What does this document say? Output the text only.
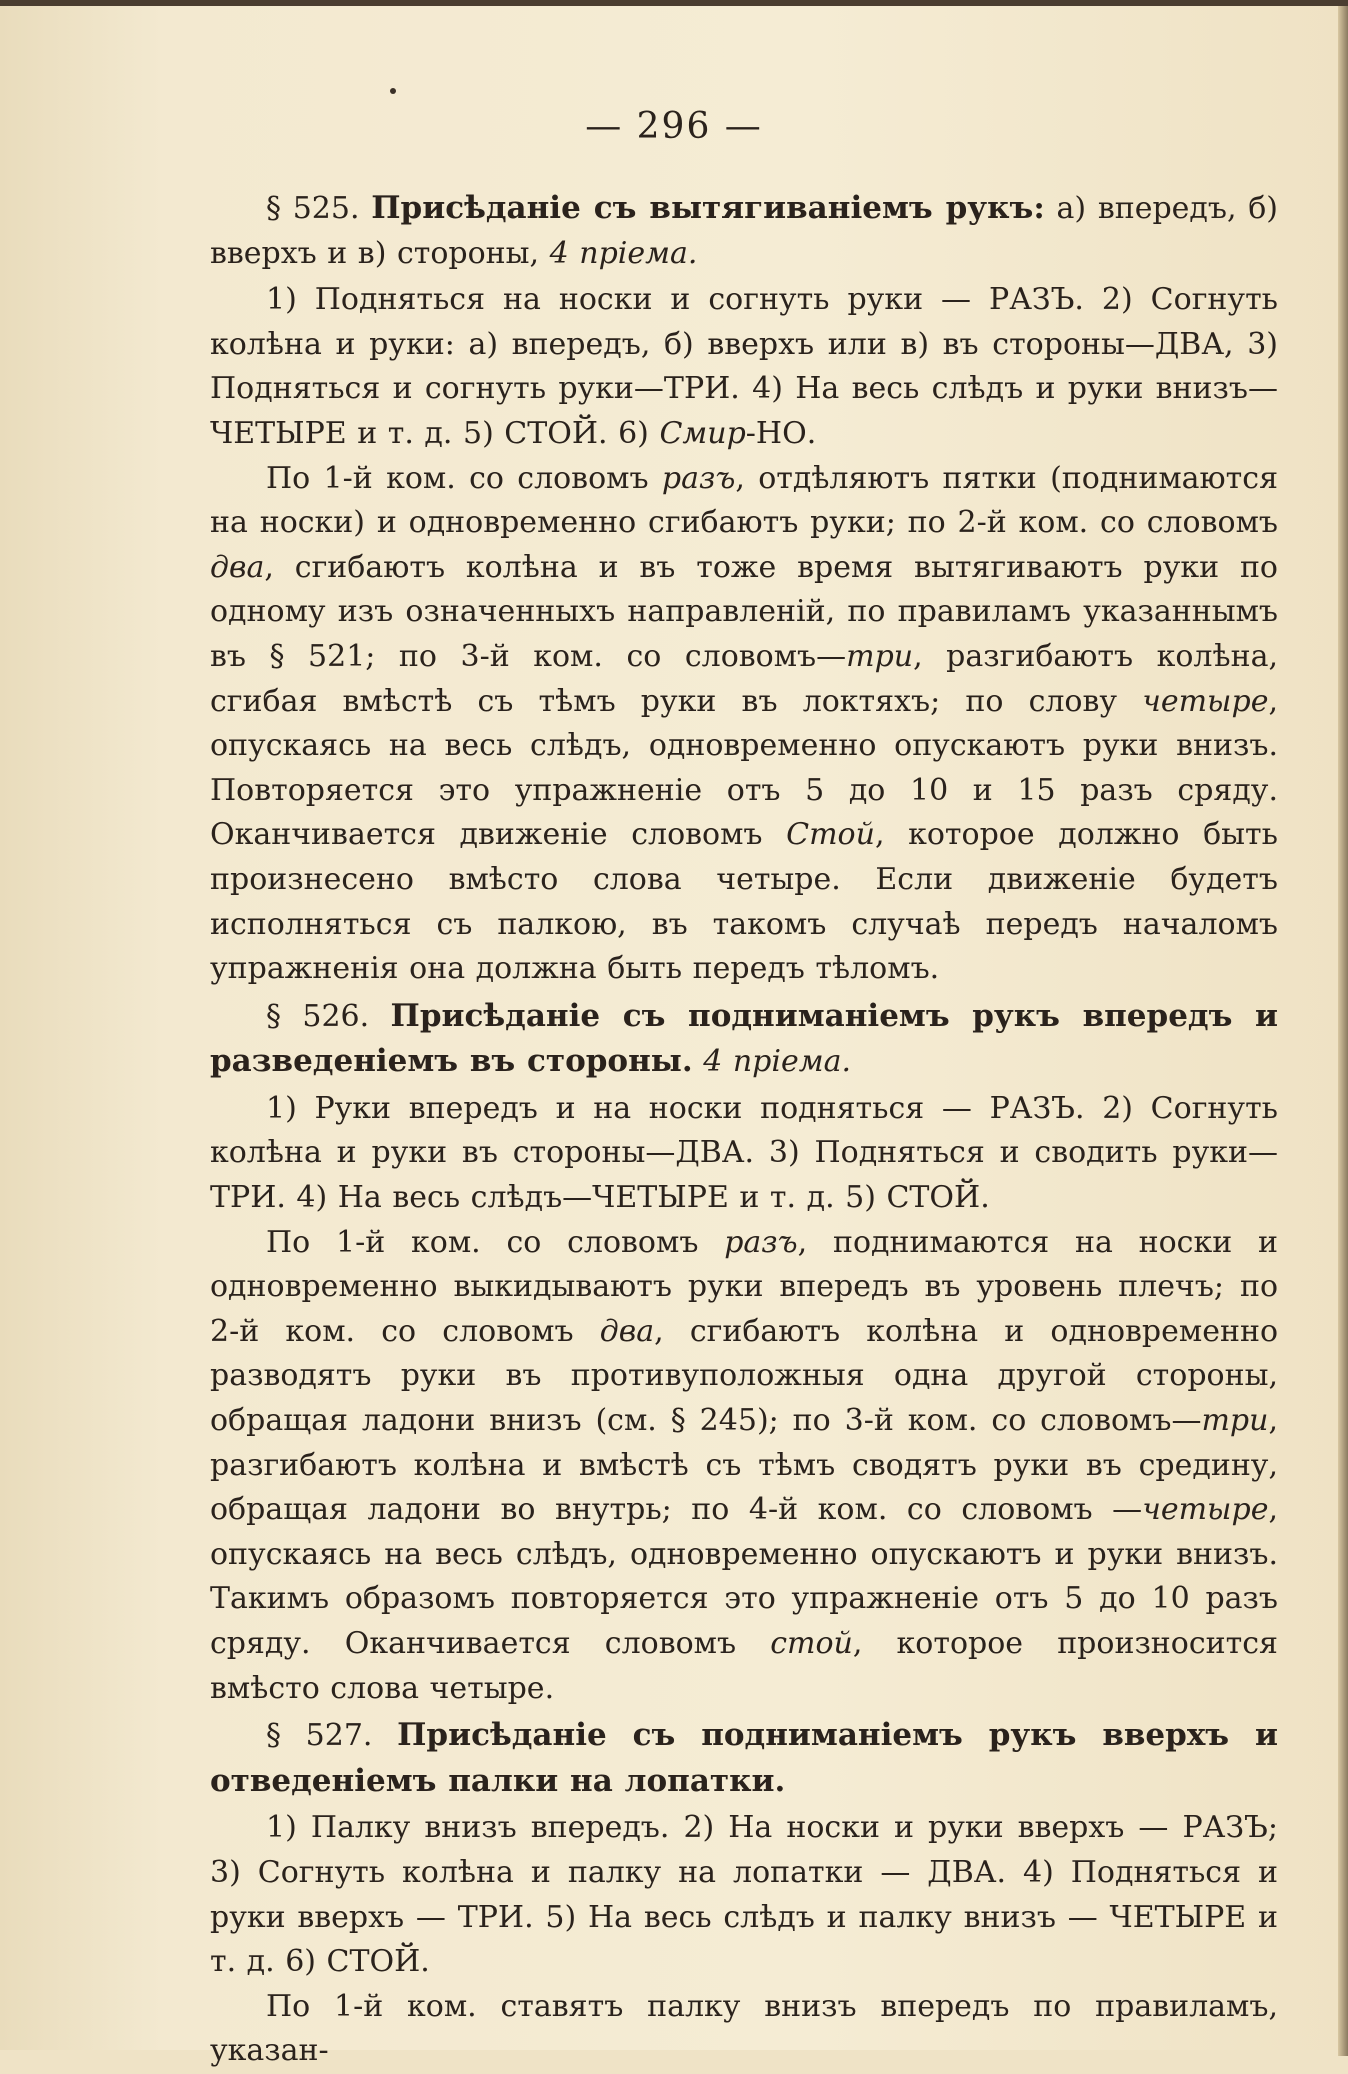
— 296 —

§ 525. Присѣданіе съ вытягиваніемъ рукъ: а) впередъ, б) вверхъ и в) стороны, 4 пріема.

1) Подняться на носки и согнуть руки — РАЗЪ. 2) Согнуть колѣна и руки: а) впередъ, б) вверхъ или в) въ стороны—ДВА, 3) Подняться и согнуть руки—ТРИ. 4) На весь слѣдъ и руки внизъ—ЧЕТЫРЕ и т. д. 5) СТОЙ. 6) Смир-НО.

По 1-й ком. со словомъ разъ, отдѣляютъ пятки (поднимаются на носки) и одновременно сгибаютъ руки; по 2-й ком. со словомъ два, сгибаютъ колѣна и въ тоже время вытягиваютъ руки по одному изъ означенныхъ направленій, по правиламъ указаннымъ въ § 521; по 3-й ком. со словомъ—три, разгибаютъ колѣна, сгибая вмѣстѣ съ тѣмъ руки въ локтяхъ; по слову четыре, опускаясь на весь слѣдъ, одновременно опускаютъ руки внизъ. Повторяется это упражненіе отъ 5 до 10 и 15 разъ сряду. Оканчивается движеніе словомъ Стой, которое должно быть произнесено вмѣсто слова четыре. Если движеніе будетъ исполняться съ палкою, въ такомъ случаѣ передъ началомъ упражненія она должна быть передъ тѣломъ.

§ 526. Присѣданіе съ подниманіемъ рукъ впередъ и разведеніемъ въ стороны. 4 пріема.

1) Руки впередъ и на носки подняться — РАЗЪ. 2) Согнуть колѣна и руки въ стороны—ДВА. 3) Подняться и сводить руки—ТРИ. 4) На весь слѣдъ—ЧЕТЫРЕ и т. д. 5) СТОЙ.

По 1-й ком. со словомъ разъ, поднимаются на носки и одновременно выкидываютъ руки впередъ въ уровень плечъ; по 2-й ком. со словомъ два, сгибаютъ колѣна и одновременно разводятъ руки въ противуположныя одна другой стороны, обращая ладони внизъ (см. § 245); по 3-й ком. со словомъ—три, разгибаютъ колѣна и вмѣстѣ съ тѣмъ сводятъ руки въ средину, обращая ладони во внутрь; по 4-й ком. со словомъ —четыре, опускаясь на весь слѣдъ, одновременно опускаютъ и руки внизъ. Такимъ образомъ повторяется это упражненіе отъ 5 до 10 разъ сряду. Оканчивается словомъ стой, которое произносится вмѣсто слова четыре.

§ 527. Присѣданіе съ подниманіемъ рукъ вверхъ и отведеніемъ палки на лопатки.

1) Палку внизъ впередъ. 2) На носки и руки вверхъ — РАЗЪ; 3) Согнуть колѣна и палку на лопатки — ДВА. 4) Подняться и руки вверхъ — ТРИ. 5) На весь слѣдъ и палку внизъ — ЧЕТЫРЕ и т. д. 6) СТОЙ.

По 1-й ком. ставятъ палку внизъ впередъ по правиламъ, указан-
